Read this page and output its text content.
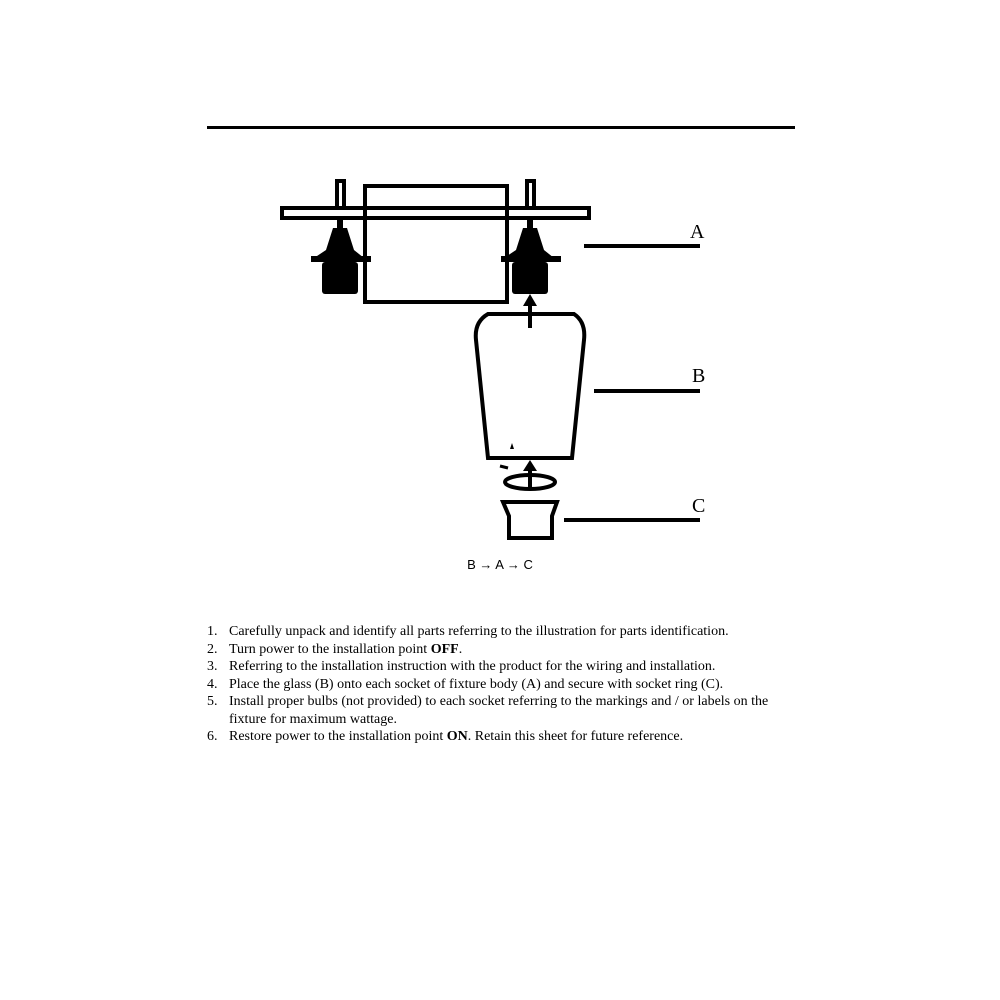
A
B
C
B → A → C
1. Carefully unpack and identify all parts referring to the illustration for parts identification.
2. Turn power to the installation point OFF.
3. Referring to the installation instruction with the product for the wiring and installation.
4. Place the glass (B) onto each socket of fixture body (A) and secure with socket ring (C).
5. Install proper bulbs (not provided) to each socket referring to the markings and / or labels on the fixture for maximum wattage.
6. Restore power to the installation point ON. Retain this sheet for future reference.
